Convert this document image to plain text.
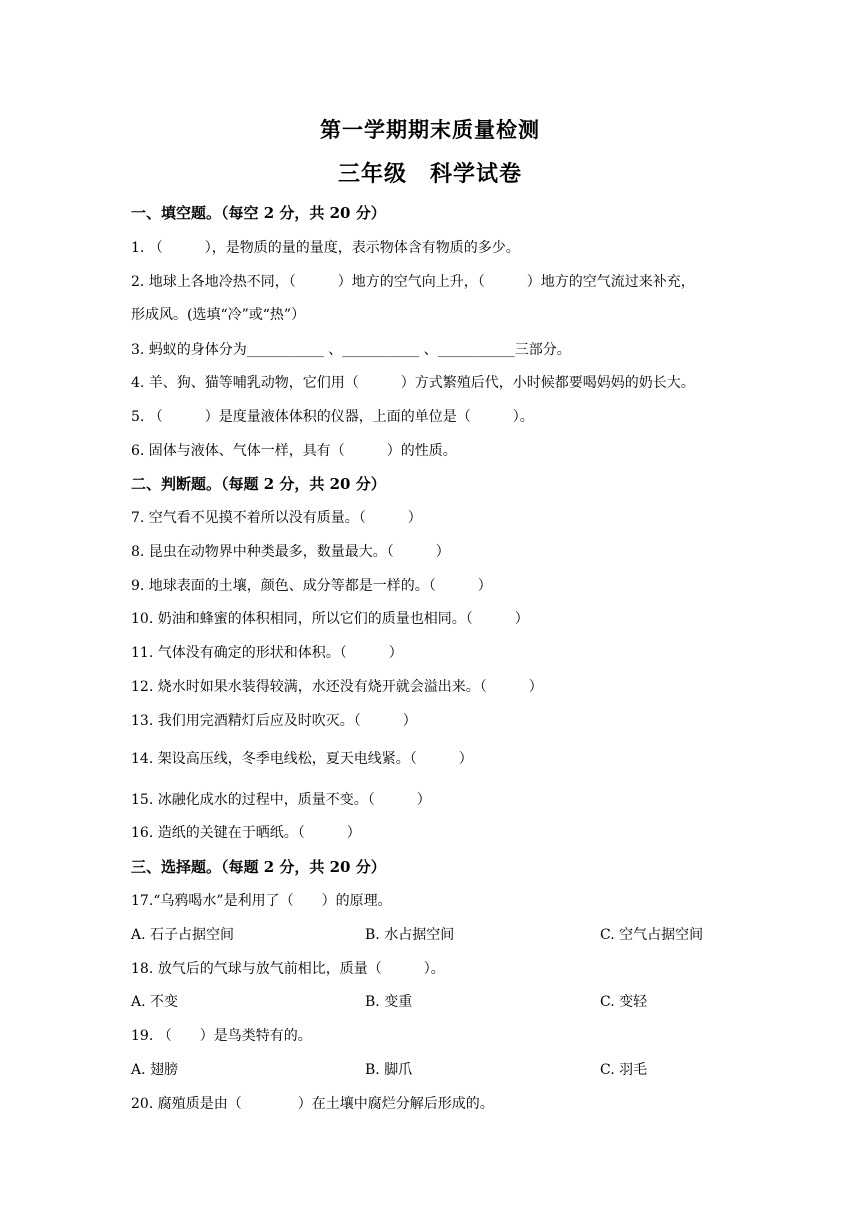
第一学期期末质量检测
三年级　科学试卷
一、填空题。（每空 2 分，共 20 分）
1. （　　　），是物质的量的量度，表示物体含有物质的多少。
2. 地球上各地冷热不同，（　　　）地方的空气向上升，（　　　）地方的空气流过来补充，
形成风。(选填“冷”或“热”）
3. 蚂蚁的身体分为___________ 、___________ 、___________三部分。
4. 羊、狗、猫等哺乳动物，它们用（　　　）方式繁殖后代，小时候都要喝妈妈的奶长大。
5. （　　　）是度量液体体积的仪器，上面的单位是（　　　）。
6. 固体与液体、气体一样，具有（　　　）的性质。
二、判断题。（每题 2 分，共 20 分）
7. 空气看不见摸不着所以没有质量。（　　　）
8. 昆虫在动物界中种类最多，数量最大。（　　　）
9. 地球表面的土壤，颜色、成分等都是一样的。（　　　）
10. 奶油和蜂蜜的体积相同，所以它们的质量也相同。（　　　）
11. 气体没有确定的形状和体积。（　　　）
12. 烧水时如果水装得较满，水还没有烧开就会溢出来。（　　　）
13. 我们用完酒精灯后应及时吹灭。（　　　）
14. 架设高压线，冬季电线松，夏天电线紧。（　　　）
15. 冰融化成水的过程中，质量不变。（　　　）
16. 造纸的关键在于晒纸。（　　　）
三、选择题。（每题 2 分，共 20 分）
17.“乌鸦喝水”是利用了（　　）的原理。
A. 石子占据空间	B. 水占据空间	C. 空气占据空间
18. 放气后的气球与放气前相比，质量（　　　）。
A. 不变	B. 变重	C. 变轻
19. （　　）是鸟类特有的。
A. 翅膀	B. 脚爪	C. 羽毛
20. 腐殖质是由（　　　　）在土壤中腐烂分解后形成的。
